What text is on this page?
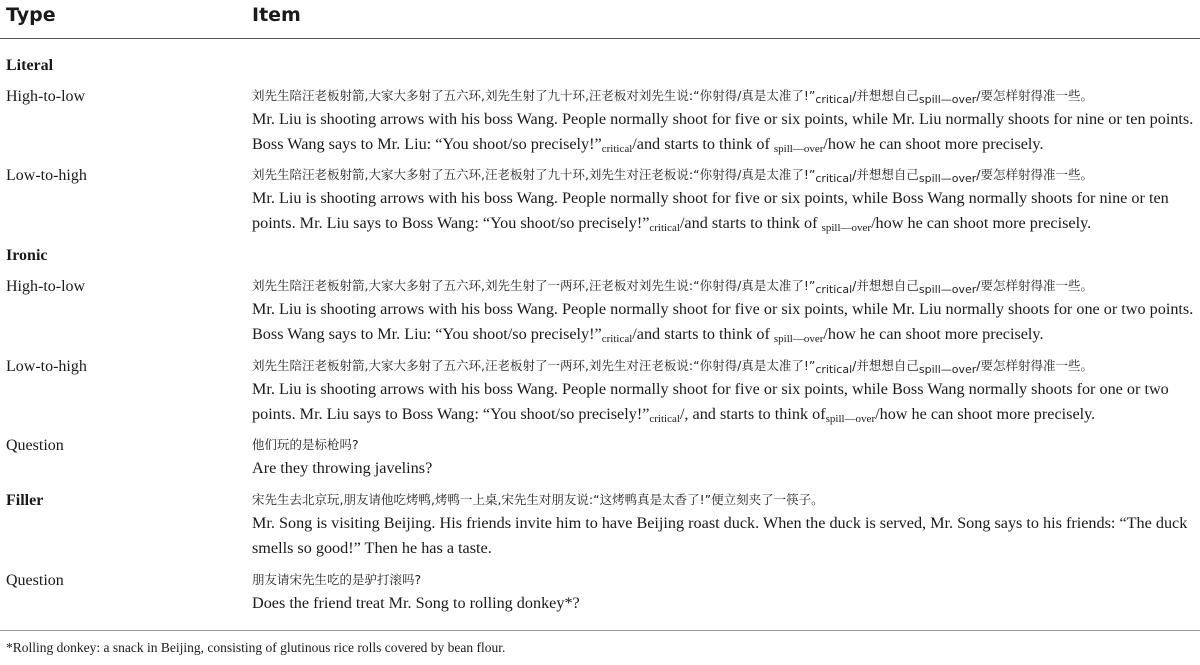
Type	Item
Literal
High-to-low	刘先生陪汪老板射箭,大家大多射了五六环,刘先生射了九十环,汪老板对刘先生说:“你射得/真是太准了$!”_{critical}/$并想想自己$_{spill—over}$/要怎样射得准一些。
Mr. Liu is shooting arrows with his boss Wang. People normally shoot for five or six points, while Mr. Liu normally shoots for nine or ten points. Boss Wang says to Mr. Liu: “You shoot/so $precisely!”_{critical}$/and starts to think of $_{spill—over}$/how he can shoot more precisely.
Low-to-high	刘先生陪汪老板射箭,大家大多射了五六环,汪老板射了九十环,刘先生对汪老板说:“你射得/真是太准了$!”_{critical}/$并想想自己$_{spill—over}$/要怎样射得准一些。
Mr. Liu is shooting arrows with his boss Wang. People normally shoot for five or six points, while Boss Wang normally shoots for nine or ten points. Mr. Liu says to Boss Wang: “You shoot/so $precisely!”_{critical}$/and starts to think of $_{spill—over}$/how he can shoot more precisely.
Ironic
High-to-low	刘先生陪汪老板射箭,大家大多射了五六环,刘先生射了一两环,汪老板对刘先生说:“你射得/真是太准了$!”_{critical}/$并想想自己$_{spill—over}$/要怎样射得准一些。
Mr. Liu is shooting arrows with his boss Wang. People normally shoot for five or six points, while Mr. Liu normally shoots for one or two points. Boss Wang says to Mr. Liu: “You shoot/so $precisely!”_{critical}$/and starts to think of $_{spill—over}$/how he can shoot more precisely.
Low-to-high	刘先生陪汪老板射箭,大家大多射了五六环,汪老板射了一两环,刘先生对汪老板说:“你射得/真是太准了$!”_{critical}/$并想想自己$_{spill—over}$/要怎样射得准一些。
Mr. Liu is shooting arrows with his boss Wang. People normally shoot for five or six points, while Boss Wang normally shoots for one or two points. Mr. Liu says to Boss Wang: “You shoot/so $precisely!”_{critical}/$, and starts to think $of_{spill—over}$/how he can shoot more precisely.
Question	他们玩的是标枪吗?
Are they throwing javelins?
Filler	宋先生去北京玩,朋友请他吃烤鸭,烤鸭一上桌,宋先生对朋友说:“这烤鸭真是太香了!”便立刻夹了一筷子。
Mr. Song is visiting Beijing. His friends invite him to have Beijing roast duck. When the duck is served, Mr. Song says to his friends: “The duck smells so good!” Then he has a taste.
Question	朋友请宋先生吃的是驴打滚吗?
Does the friend treat Mr. Song to rolling donkey*?
*Rolling donkey: a snack in Beijing, consisting of glutinous rice rolls covered by bean flour.
